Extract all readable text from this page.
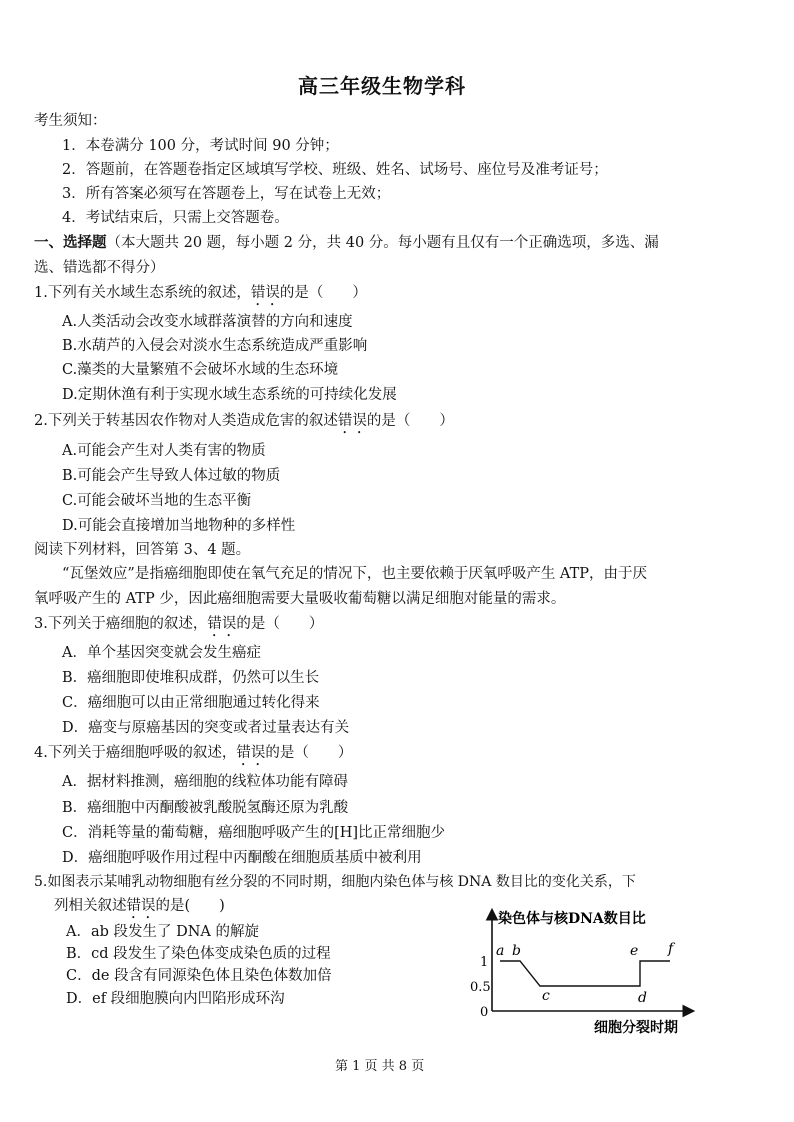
高三年级生物学科
考生须知：
1．本卷满分 100 分，考试时间 90 分钟；
2．答题前，在答题卷指定区域填写学校、班级、姓名、试场号、座位号及准考证号；
3．所有答案必须写在答题卷上，写在试卷上无效；
4．考试结束后，只需上交答题卷。
一、选择题（本大题共 20 题，每小题 2 分，共 40 分。每小题有且仅有一个正确选项，多选、漏
选、错选都不得分）
1.下列有关水域生态系统的叙述，错误的是（　　）
A.人类活动会改变水域群落演替的方向和速度
B.水葫芦的入侵会对淡水生态系统造成严重影响
C.藻类的大量繁殖不会破坏水域的生态环境
D.定期休渔有利于实现水域生态系统的可持续化发展
2.下列关于转基因农作物对人类造成危害的叙述错误的是（　　）
A.可能会产生对人类有害的物质
B.可能会产生导致人体过敏的物质
C.可能会破坏当地的生态平衡
D.可能会直接增加当地物种的多样性
阅读下列材料，回答第 3、4 题。
“瓦堡效应”是指癌细胞即使在氧气充足的情况下，也主要依赖于厌氧呼吸产生 ATP，由于厌
氧呼吸产生的 ATP 少，因此癌细胞需要大量吸收葡萄糖以满足细胞对能量的需求。
3.下列关于癌细胞的叙述，错误的是（　　）
A．单个基因突变就会发生癌症
B．癌细胞即使堆积成群，仍然可以生长
C．癌细胞可以由正常细胞通过转化得来
D．癌变与原癌基因的突变或者过量表达有关
4.下列关于癌细胞呼吸的叙述，错误的是（　　）
A．据材料推测，癌细胞的线粒体功能有障碍
B．癌细胞中丙酮酸被乳酸脱氢酶还原为乳酸
C．消耗等量的葡萄糖，癌细胞呼吸产生的[H]比正常细胞少
D．癌细胞呼吸作用过程中丙酮酸在细胞质基质中被利用
5.如图表示某哺乳动物细胞有丝分裂的不同时期，细胞内染色体与核 DNA 数目比的变化关系，下
列相关叙述错误的是(　　)
A．ab 段发生了 DNA 的解旋
B．cd 段发生了染色体变成染色质的过程
C．de 段含有同源染色体且染色体数加倍
D．ef 段细胞膜向内凹陷形成环沟
染色体与核DNA数目比
细胞分裂时期
1
0.5
0
a b
c	d
e f
第 1 页 共 8 页
